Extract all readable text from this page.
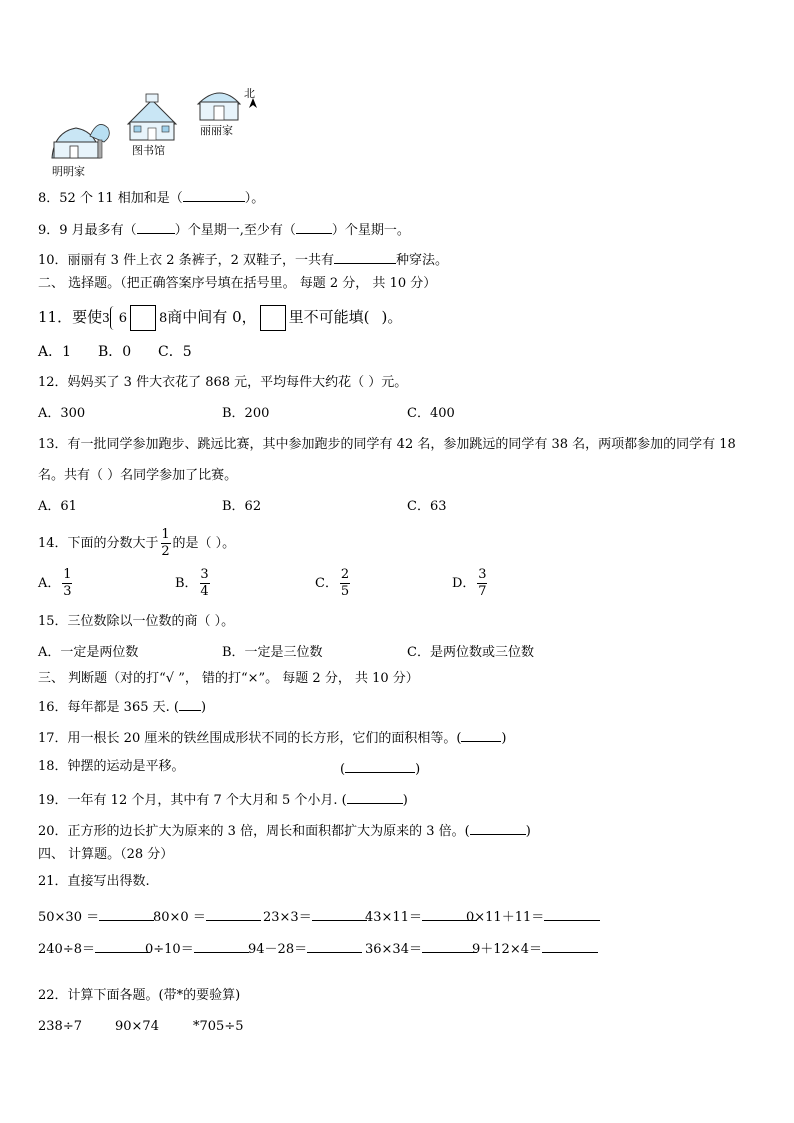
北
图书馆
丽丽家
明明家
8．52 个 11 相加和是（	）。
9．9 月最多有（	）个星期一,至少有（	）个星期一。
10．丽丽有 3 件上衣 2 条裤子，2 双鞋子，一共有	种穿法。
二、 选择题。（把正确答案序号填在括号里。 每题 2 分， 共 10 分）
11．要使3 6 8商中间有 0， 里不可能填( )。
A．1 B．0 C．5
12．妈妈买了 3 件大衣花了 868 元，平均每件大约花（ ）元。
A．300	B．200	C．400
13．有一批同学参加跑步、跳远比赛，其中参加跑步的同学有 42 名，参加跳远的同学有 38 名，两项都参加的同学有 18
名。共有（ ）名同学参加了比赛。
A．61	B．62	C．63
14．下面的分数大于 $\frac{1}{2}$ 的是（ ）。
A． $\frac{1}{3}$	B． $\frac{3}{4}$	C． $\frac{2}{5}$	D． $\frac{3}{7}$
15．三位数除以一位数的商（ ）。
A．一定是两位数	B．一定是三位数	C．是两位数或三位数
三、 判断题（对的打“√ ”， 错的打“×”。 每题 2 分， 共 10 分）
16．每年都是 365 天. ( )
17．用一根长 20 厘米的铁丝围成形状不同的长方形，它们的面积相等。(	)
18．钟摆的运动是平移。	(	)
19．一年有 12 个月，其中有 7 个大月和 5 个小月. (	)
20．正方形的边长扩大为原来的 3 倍，周长和面积都扩大为原来的 3 倍。(	)
四、 计算题。（28 分）
21．直接写出得数.
50×30 ＝	80×0 ＝	23×3＝	43×11＝	0×11＋11＝
240÷8＝	0÷10＝	94－28＝	36×34＝	9＋12×4＝
22．计算下面各题。(带*的要验算)
238÷7	90×74	*705÷5
